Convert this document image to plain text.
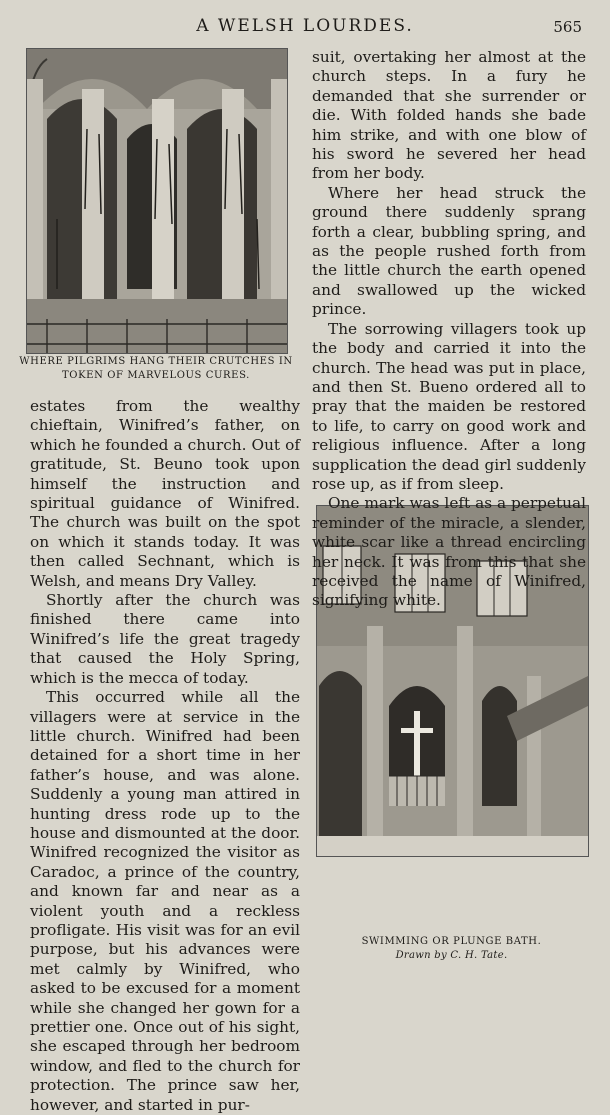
A WELSH LOURDES.	565
WHERE PILGRIMS HANG THEIR CRUTCHES IN
TOKEN OF MARVELOUS CURES.
SWIMMING OR PLUNGE BATH.
Drawn by C. H. Tate.

estates from the wealthy chieftain, Winifred’s father, on which he founded a church. Out of gratitude, St. Beuno took upon himself the instruction and spiritual guidance of Winifred. The church was built on the spot on which it stands today. It was then called Sechnant, which is Welsh, and means Dry Valley.

Shortly after the church was finished there came into Winifred’s life the great tragedy that caused the Holy Spring, which is the mecca of today.

This occurred while all the villagers were at service in the little church. Winifred had been detained for a short time in her father’s house, and was alone. Suddenly a young man attired in hunting dress rode up to the house and dismounted at the door. Winifred recognized the visitor as Caradoc, a prince of the country, and known far and near as a violent youth and a reckless profligate. His visit was for an evil purpose, but his advances were met calmly by Winifred, who asked to be excused for a moment while she changed her gown for a prettier one. Once out of his sight, she escaped through her bedroom window, and fled to the church for protection. The prince saw her, however, and started in pur-

suit, overtaking her almost at the church steps. In a fury he demanded that she surrender or die. With folded hands she bade him strike, and with one blow of his sword he severed her head from her body.

Where her head struck the ground there suddenly sprang forth a clear, bubbling spring, and as the people rushed forth from the little church the earth opened and swallowed up the wicked prince.

The sorrowing villagers took up the body and carried it into the church. The head was put in place, and then St. Bueno ordered all to pray that the maiden be restored to life, to carry on good work and religious influence. After a long supplication the dead girl suddenly rose up, as if from sleep.

One mark was left as a perpetual reminder of the miracle, a slender, white scar like a thread encircling her neck. It was from this that she received the name of Winifred, signifying white.
